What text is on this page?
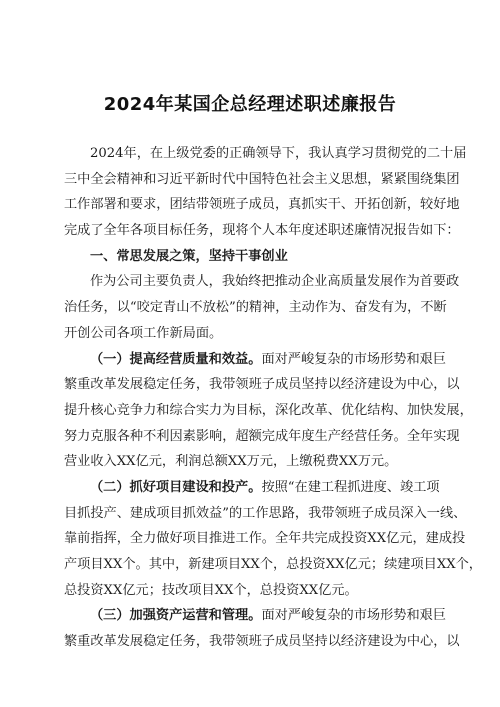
2024年某国企总经理述职述廉报告
2024年，在上级党委的正确领导下，我认真学习贯彻党的二十届
三中全会精神和习近平新时代中国特色社会主义思想，紧紧围绕集团
工作部署和要求，团结带领班子成员，真抓实干、开拓创新，较好地
完成了全年各项目标任务，现将个人本年度述职述廉情况报告如下：
一、常思发展之策，坚持干事创业
作为公司主要负责人，我始终把推动企业高质量发展作为首要政
治任务，以“咬定青山不放松”的精神，主动作为、奋发有为，不断
开创公司各项工作新局面。
（一）提高经营质量和效益。面对严峻复杂的市场形势和艰巨
繁重改革发展稳定任务，我带领班子成员坚持以经济建设为中心，以
提升核心竞争力和综合实力为目标，深化改革、优化结构、加快发展，
努力克服各种不利因素影响，超额完成年度生产经营任务。全年实现
营业收入XX亿元，利润总额XX万元，上缴税费XX万元。
（二）抓好项目建设和投产。按照“在建工程抓进度、竣工项
目抓投产、建成项目抓效益”的工作思路，我带领班子成员深入一线、
靠前指挥，全力做好项目推进工作。全年共完成投资XX亿元，建成投
产项目XX个。其中，新建项目XX个，总投资XX亿元；续建项目XX个，
总投资XX亿元；技改项目XX个，总投资XX亿元。
（三）加强资产运营和管理。面对严峻复杂的市场形势和艰巨
繁重改革发展稳定任务，我带领班子成员坚持以经济建设为中心，以
